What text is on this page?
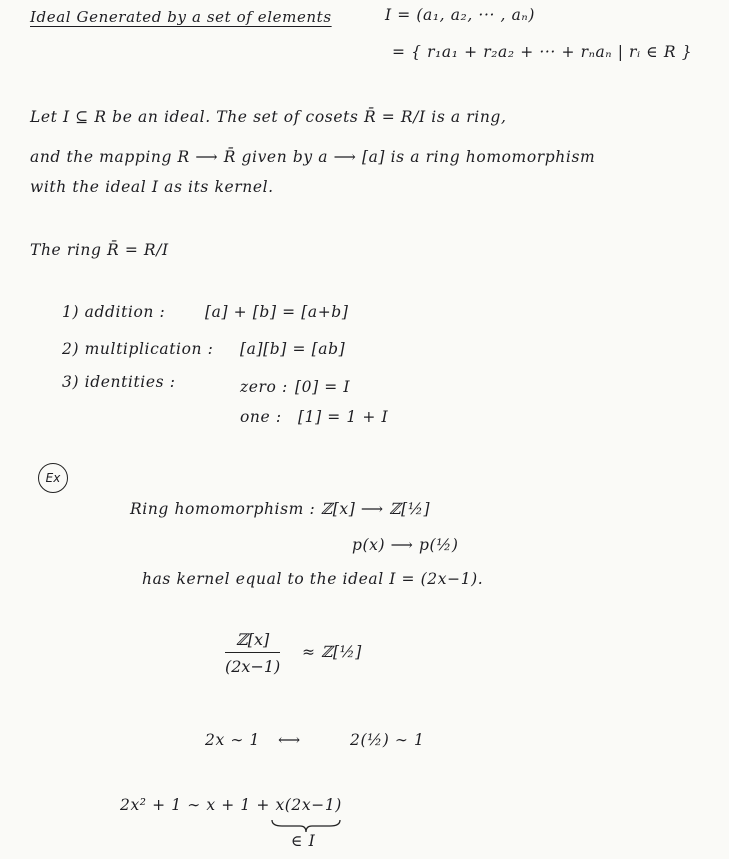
Ideal Generated by a set of elements	I = (a₁, a₂, ··· , aₙ)
= { r₁a₁ + r₂a₂ + ··· + rₙaₙ | rᵢ ∈ R }
Let I ⊆ R be an ideal. The set of cosets R̄ = R/I is a ring,
and the mapping R ⟶ R̄ given by a ⟶ [a] is a ring homomorphism
with the ideal I as its kernel.
The ring R̄ = R/I
1) addition :	[a] + [b] = [a+b]
2) multiplication : [a][b] = [ab]
3) identities :	zero : [0] = I
one : [1] = 1 + I
Ex
Ring homomorphism : ℤ[x] ⟶ ℤ[½]
p(x) ⟶ p(½)
has kernel equal to the ideal I = (2x−1).
ℤ[x]
(2x−1)
≈ ℤ[½]
2x ∼ 1 ⟷	2(½) ∼ 1
2x² + 1 ∼ x + 1 + x(2x−1)
∈ I
